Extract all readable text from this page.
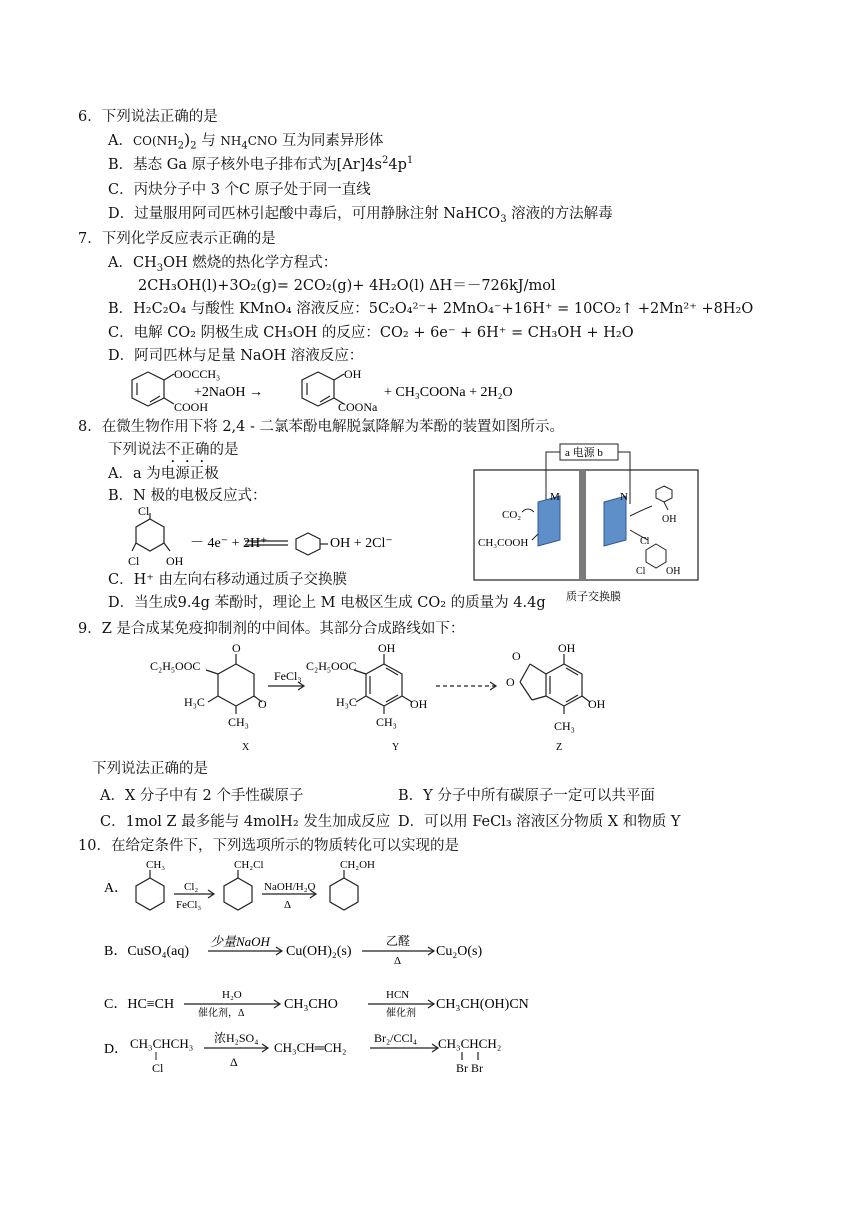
6．下列说法正确的是
A．$CO(NH_2)_2$ 与 $NH_4CNO$ 互为同素异形体
B．基态 Ga 原子核外电子排布式为$[Ar]4s^24p^1$
C．丙炔分子中 3 个C 原子处于同一直线
D．过量服用阿司匹林引起酸中毒后，可用静脉注射 NaHCO$_3$ 溶液的方法解毒
7．下列化学反应表示正确的是
A．$CH_3OH$ 燃烧的热化学方程式：
2CH₃OH(l)+3O₂(g)= 2CO₂(g)+ 4H₂O(l) ΔH＝－726kJ/mol
B．H₂C₂O₄ 与酸性 KMnO₄ 溶液反应：5C₂O₄²⁻+ 2MnO₄⁻+16H⁺ = 10CO₂↑ +2Mn²⁺ +8H₂O
C．电解 CO₂ 阴极生成 CH₃OH 的反应：CO₂ + 6e⁻ + 6H⁺ = CH₃OH + H₂O
D．阿司匹林与足量 NaOH 溶液反应：
OOCCH₃
COOH
+2NaOH →
OH
COONa
+ CH₃COONa + 2H₂O
8．在微生物作用下将 2,4 - 二氯苯酚电解脱氯降解为苯酚的装置如图所示。
下列说法不正确的是
A．a 为电源正极
B．N 极的电极反应式：
Cl
Cl OH
－ 4e⁻ + 2H⁺	OH + 2Cl⁻
C．H⁺ 由左向右移动通过质子交换膜
D．当生成9.4g 苯酚时，理论上 M 电极区生成 CO₂ 的质量为 4.4g
a 电源 b
M	N
CO₂
CH₃COOH
OH
Cl
Cl OH
质子交换膜
9．Z 是合成某免疫抑制剂的中间体。其部分合成路线如下：
C₂H₅OOC
O
O
H₃C
CH₃
FeCl₃
C₂H₅OOC
OH
OH
H₃C
CH₃
O
O
OH
OH
CH₃
X	Y	Z
下列说法正确的是
A．X 分子中有 2 个手性碳原子	B．Y 分子中所有碳原子一定可以共平面
C．1mol Z 最多能与 4molH₂ 发生加成反应 D．可以用 FeCl₃ 溶液区分物质 X 和物质 Y
10．在给定条件下，下列选项所示的物质转化可以实现的是
A．
CH₃	CH₂Cl	CH₂OH
Cl₂
FeCl₃
NaOH/H₂O
Δ
B．CuSO₄(aq)
少量NaOH
Cu(OH)₂(s)
乙醛
Δ
Cu₂O(s)
C．HC≡CH
H₂O
催化剂，Δ
CH₃CHO
HCN
催化剂
CH₃CH(OH)CN
D． CH₃CHCH₃
Cl
浓H₂SO₄
Δ
CH₃CH═CH₂
Br₂/CCl₄ CH₃CHCH₂
Br Br
